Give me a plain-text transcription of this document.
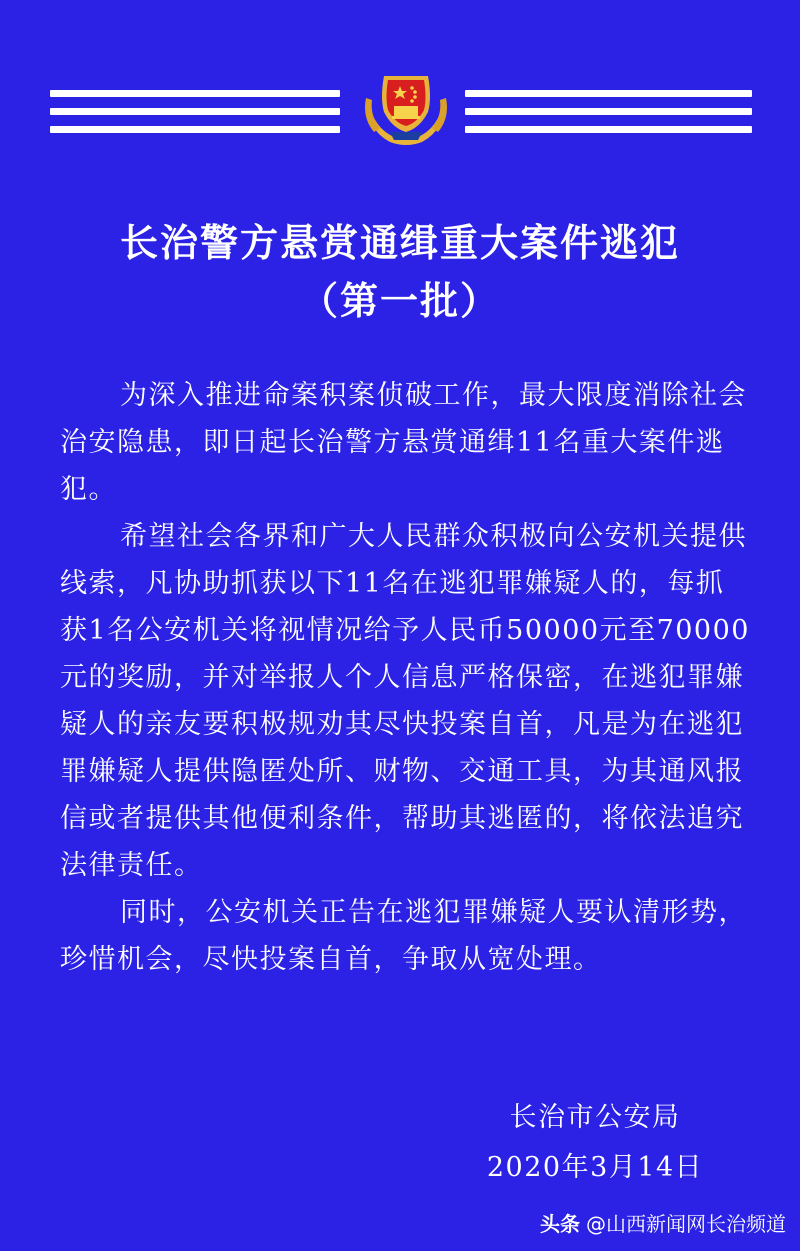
长治警方悬赏通缉重大案件逃犯
（第一批）

为深入推进命案积案侦破工作，最大限度消除社会治安隐患，即日起长治警方悬赏通缉11名重大案件逃犯。

希望社会各界和广大人民群众积极向公安机关提供线索，凡协助抓获以下11名在逃犯罪嫌疑人的，每抓获1名公安机关将视情况给予人民币50000元至70000元的奖励，并对举报人个人信息严格保密，在逃犯罪嫌疑人的亲友要积极规劝其尽快投案自首，凡是为在逃犯罪嫌疑人提供隐匿处所、财物、交通工具，为其通风报信或者提供其他便利条件，帮助其逃匿的，将依法追究法律责任。

同时，公安机关正告在逃犯罪嫌疑人要认清形势，珍惜机会，尽快投案自首，争取从宽处理。

长治市公安局
2020年3月14日
头条 @山西新闻网长治频道
